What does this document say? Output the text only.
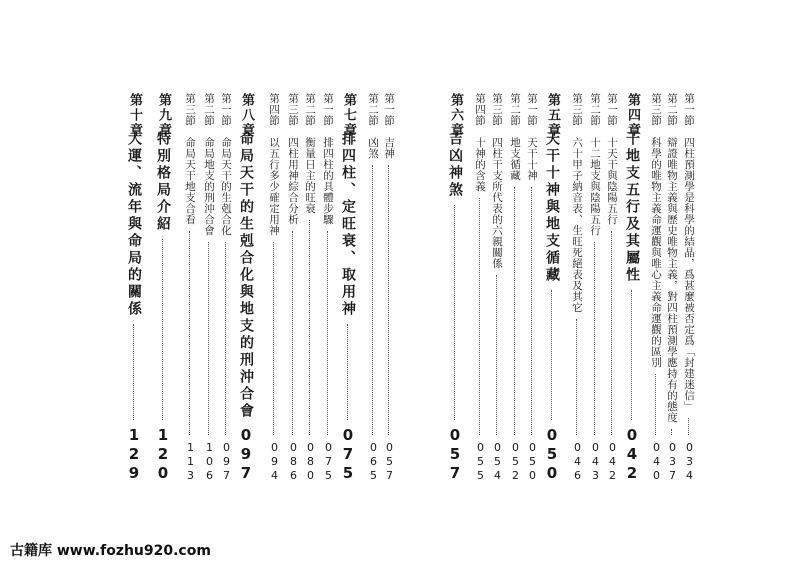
第一節
四柱預測學是科學的結晶，爲甚麼被否定爲「封建迷信」
034
第二節
辯證唯物主義與歷史唯物主義，對四柱預測學應持有的態度
037
第三節
科學的唯物主義命運觀與唯心主義命運觀的區別
040
第四章
干地支五行及其屬性
042
第一節
十天干與陰陽五行
042
第二節
十二地支與陰陽五行
043
第三節
六十甲子納音表、生旺死絕表及其它
046
第五章
天干十神與地支循藏
050
第一節
天干十神
050
第二節
地支循藏
052
第三節
四柱干支所代表的六親關係
054
第四節
十神的含義
055
第六章
吉凶神煞
057
第一節
吉神
057
第二節
凶煞
065
第七章
排四柱、定旺衰、取用神
075
第一節
排四柱的具體步驟
075
第二節
衡量日主的旺衰
080
第三節
四柱用神綜合分析
086
第四節
以五行多少確定用神
094
第八章
命局天干的生剋合化與地支的刑沖合會
097
第一節
命局天干的生剋合化
097
第二節
命局地支的刑沖合會
106
第三節
命局天干地支合看
113
第九章
特別格局介紹
120
第十章
大運、流年與命局的關係
129
古籍库 www.fozhu920.com
